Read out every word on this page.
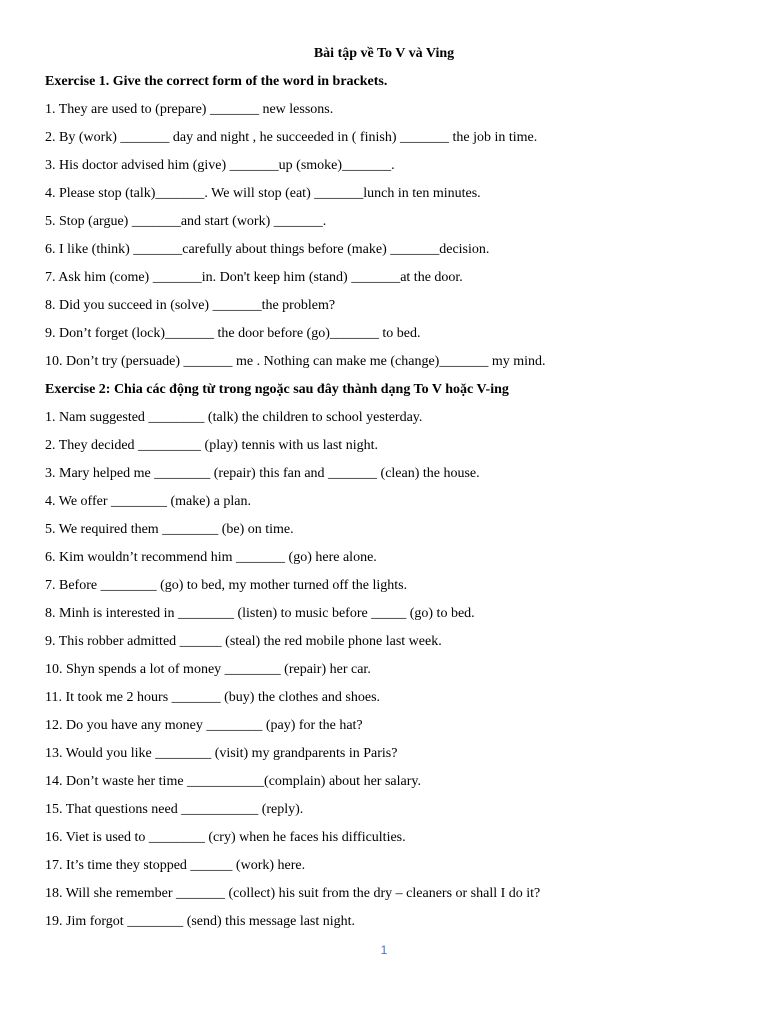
Bài tập về To V và Ving
Exercise 1. Give the correct form of the word in brackets.
1. They are used to (prepare) _______ new lessons.
2. By (work) _______ day and night , he succeeded in ( finish) _______ the job in time.
3. His doctor advised him (give) _______up (smoke)_______.
4. Please stop (talk)_______. We will stop (eat) _______lunch in ten minutes.
5. Stop (argue) _______and start (work) _______.
6. I like (think) _______carefully about things before (make) _______decision.
7. Ask him (come) _______in. Don't keep him (stand) _______at the door.
8. Did you succeed in (solve) _______the problem?
9. Don’t forget (lock)_______ the door before (go)_______ to bed.
10. Don’t try (persuade) _______ me . Nothing can make me (change)_______ my mind.
Exercise 2: Chia các động từ trong ngoặc sau đây thành dạng To V hoặc V-ing
1. Nam suggested ________ (talk) the children to school yesterday.
2. They decided _________ (play) tennis with us last night.
3. Mary helped me ________ (repair) this fan and _______ (clean) the house.
4. We offer ________ (make) a plan.
5. We required them ________ (be) on time.
6. Kim wouldn’t recommend him _______ (go) here alone.
7. Before ________ (go) to bed, my mother turned off the lights.
8. Minh is interested in ________ (listen) to music before _____ (go) to bed.
9. This robber admitted ______ (steal) the red mobile phone last week.
10. Shyn spends a lot of money ________ (repair) her car.
11. It took me 2 hours _______ (buy) the clothes and shoes.
12. Do you have any money ________ (pay) for the hat?
13. Would you like ________ (visit) my grandparents in Paris?
14. Don’t waste her time ___________(complain) about her salary.
15. That questions need ___________ (reply).
16. Viet is used to ________ (cry) when he faces his difficulties.
17. It’s time they stopped ______ (work) here.
18. Will she remember _______ (collect) his suit from the dry – cleaners or shall I do it?
19. Jim forgot ________ (send) this message last night.
1
